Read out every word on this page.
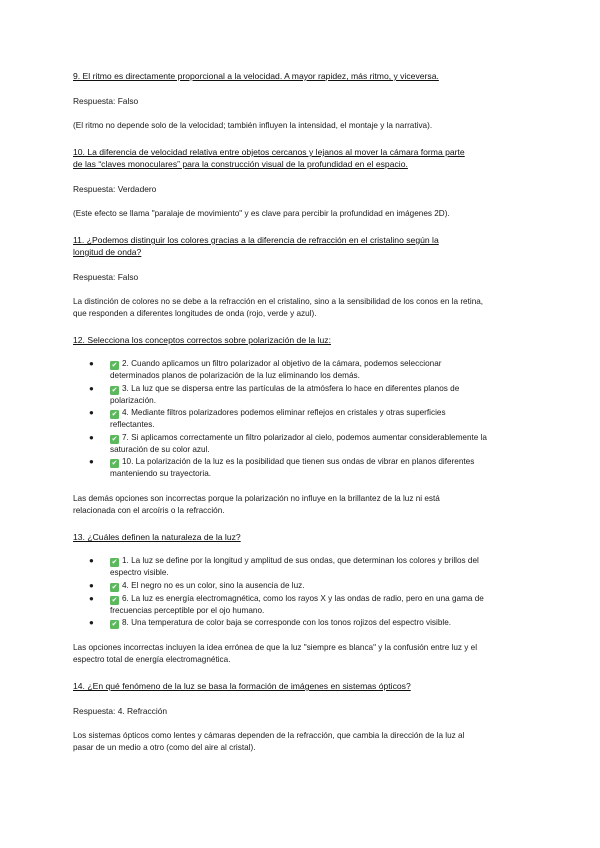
9. El ritmo es directamente proporcional a la velocidad. A mayor rapidez, más ritmo, y viceversa.

Respuesta: Falso

(El ritmo no depende solo de la velocidad; también influyen la intensidad, el montaje y la narrativa).

10. La diferencia de velocidad relativa entre objetos cercanos y lejanos al mover la cámara forma parte

de las “claves monoculares” para la construcción visual de la profundidad en el espacio.

Respuesta: Verdadero

(Este efecto se llama "paralaje de movimiento" y es clave para percibir la profundidad en imágenes 2D).

11. ¿Podemos distinguir los colores gracias a la diferencia de refracción en el cristalino según la

longitud de onda?

Respuesta: Falso

La distinción de colores no se debe a la refracción en el cristalino, sino a la sensibilidad de los conos en la retina,

que responden a diferentes longitudes de onda (rojo, verde y azul).

12. Selecciona los conceptos correctos sobre polarización de la luz:

●	✔ 2. Cuando aplicamos un filtro polarizador al objetivo de la cámara, podemos seleccionar
determinados planos de polarización de la luz eliminando los demás.
●	✔ 3. La luz que se dispersa entre las partículas de la atmósfera lo hace en diferentes planos de
polarización.
●	✔ 4. Mediante filtros polarizadores podemos eliminar reflejos en cristales y otras superficies
reflectantes.
●	✔ 7. Si aplicamos correctamente un filtro polarizador al cielo, podemos aumentar considerablemente la
saturación de su color azul.
●	✔ 10. La polarización de la luz es la posibilidad que tienen sus ondas de vibrar en planos diferentes
manteniendo su trayectoria.

Las demás opciones son incorrectas porque la polarización no influye en la brillantez de la luz ni está

relacionada con el arcoíris o la refracción.

13. ¿Cuáles definen la naturaleza de la luz?

●	✔ 1. La luz se define por la longitud y amplitud de sus ondas, que determinan los colores y brillos del
espectro visible.
●	✔ 4. El negro no es un color, sino la ausencia de luz.
●	✔ 6. La luz es energía electromagnética, como los rayos X y las ondas de radio, pero en una gama de
frecuencias perceptible por el ojo humano.
●	✔ 8. Una temperatura de color baja se corresponde con los tonos rojizos del espectro visible.

Las opciones incorrectas incluyen la idea errónea de que la luz "siempre es blanca" y la confusión entre luz y el

espectro total de energía electromagnética.

14. ¿En qué fenómeno de la luz se basa la formación de imágenes en sistemas ópticos?

Respuesta: 4. Refracción

Los sistemas ópticos como lentes y cámaras dependen de la refracción, que cambia la dirección de la luz al

pasar de un medio a otro (como del aire al cristal).
